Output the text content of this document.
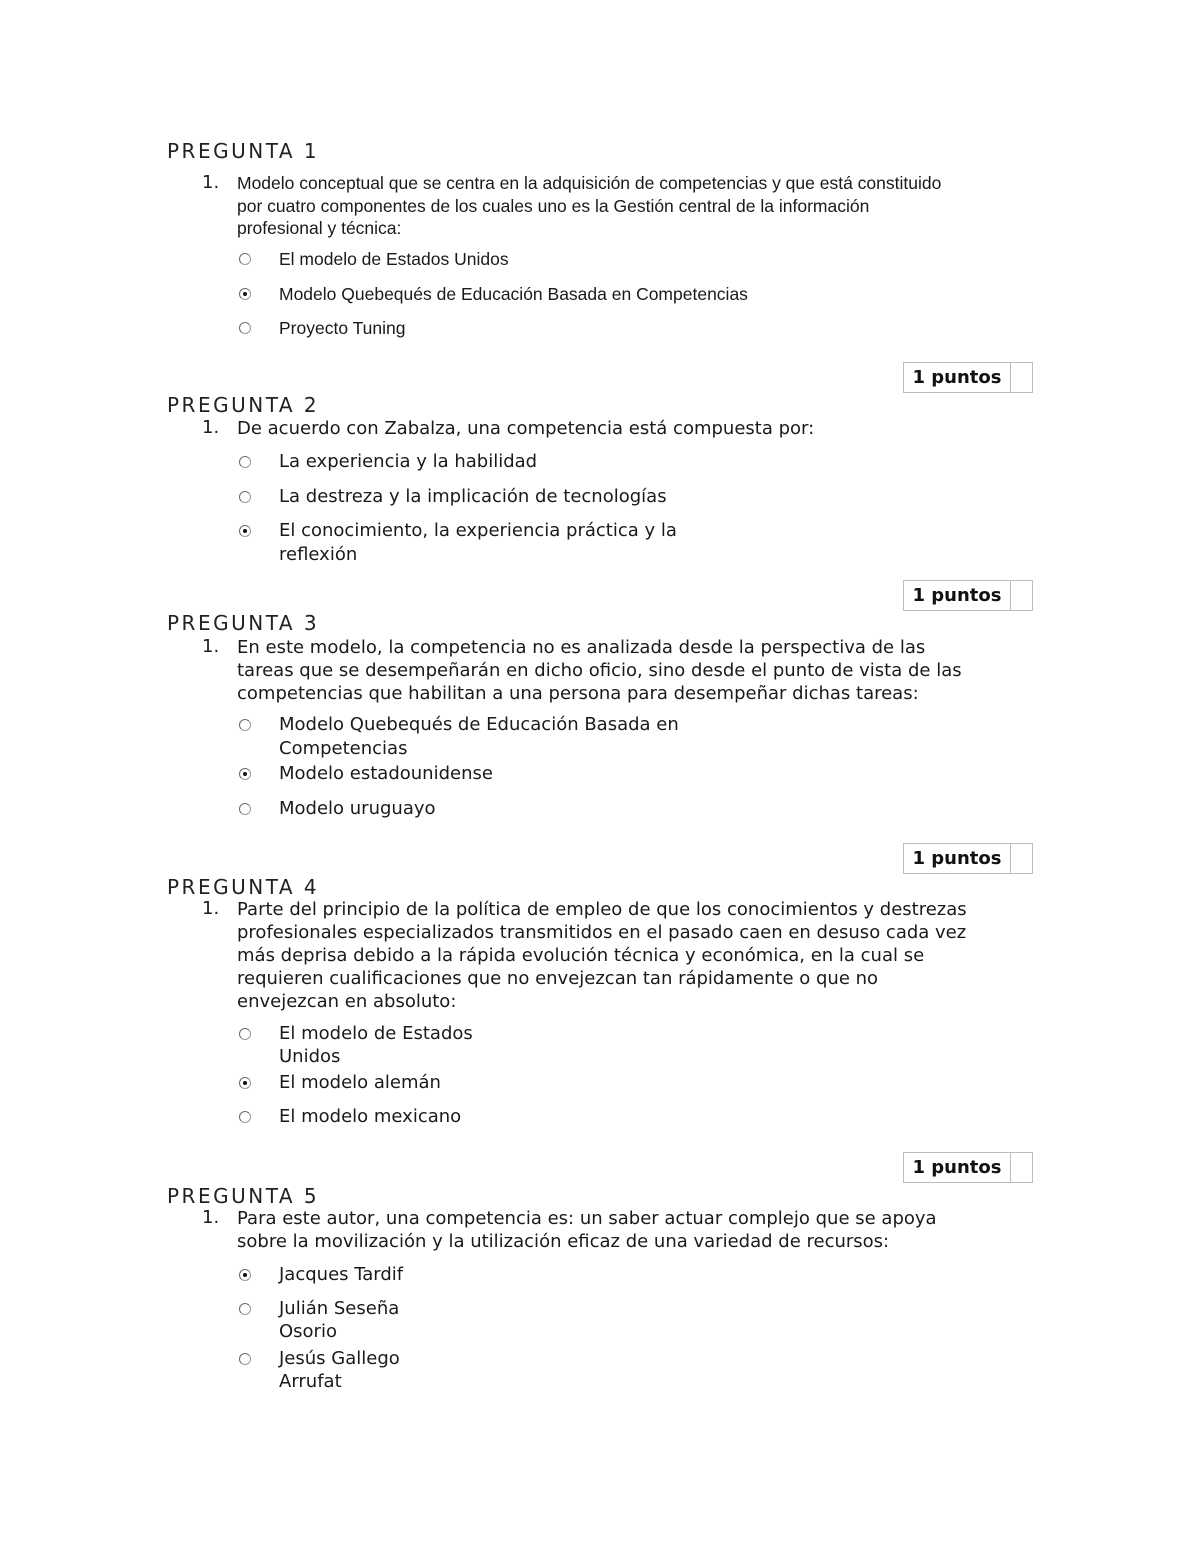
PREGUNTA 1
1. Modelo conceptual que se centra en la adquisición de competencias y que está constituido
por cuatro componentes de los cuales uno es la Gestión central de la información
profesional y técnica:
El modelo de Estados Unidos
Modelo Quebequés de Educación Basada en Competencias
Proyecto Tuning
1 puntos
PREGUNTA 2
1. De acuerdo con Zabalza, una competencia está compuesta por:
La experiencia y la habilidad
La destreza y la implicación de tecnologías
El conocimiento, la experiencia práctica y la
reflexión
1 puntos
PREGUNTA 3
1. En este modelo, la competencia no es analizada desde la perspectiva de las
tareas que se desempeñarán en dicho oficio, sino desde el punto de vista de las
competencias que habilitan a una persona para desempeñar dichas tareas:
Modelo Quebequés de Educación Basada en
Competencias
Modelo estadounidense
Modelo uruguayo
1 puntos
PREGUNTA 4
1. Parte del principio de la política de empleo de que los conocimientos y destrezas
profesionales especializados transmitidos en el pasado caen en desuso cada vez
más deprisa debido a la rápida evolución técnica y económica, en la cual se
requieren cualificaciones que no envejezcan tan rápidamente o que no
envejezcan en absoluto:
El modelo de Estados
Unidos
El modelo alemán
El modelo mexicano
1 puntos
PREGUNTA 5
1. Para este autor, una competencia es: un saber actuar complejo que se apoya
sobre la movilización y la utilización eficaz de una variedad de recursos:
Jacques Tardif
Julián Seseña
Osorio
Jesús Gallego
Arrufat
